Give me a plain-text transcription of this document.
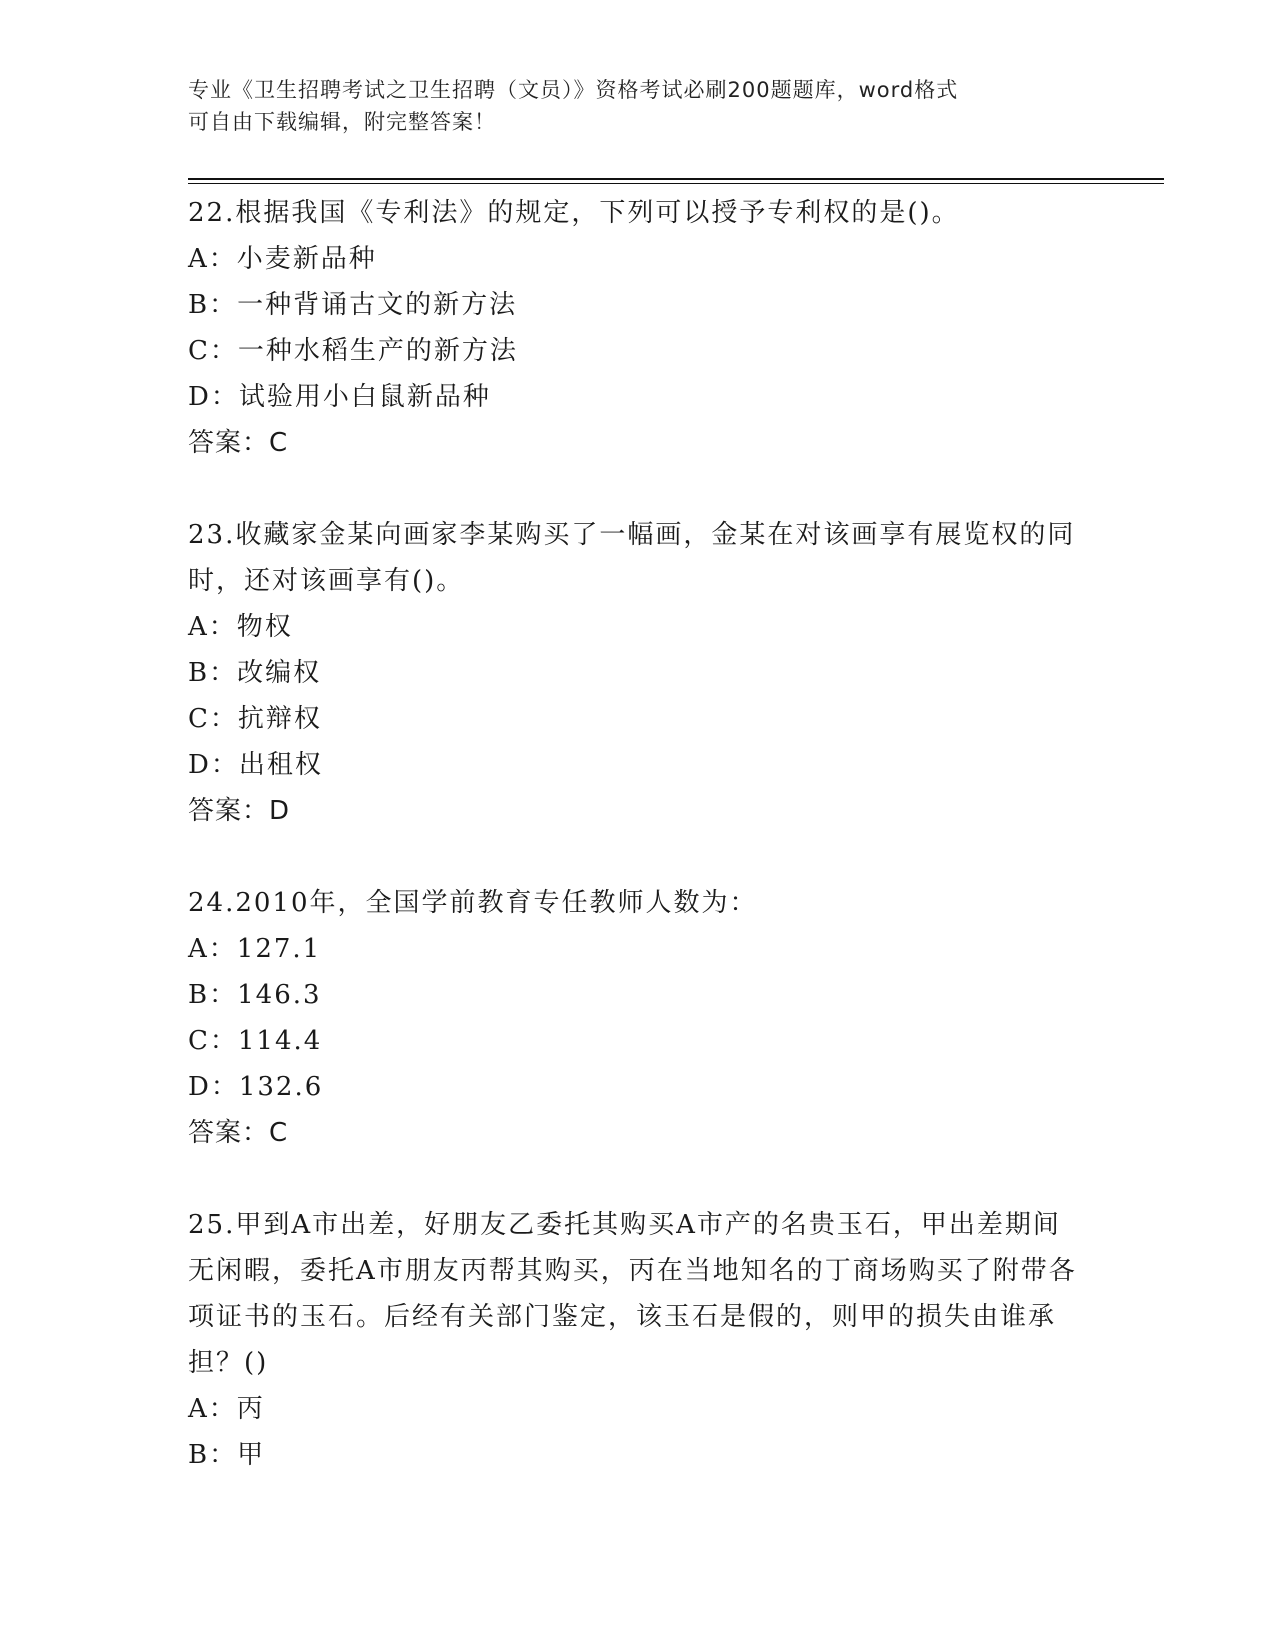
专业《卫生招聘考试之卫生招聘（文员）》资格考试必刷200题题库，word格式
可自由下载编辑，附完整答案！
22.根据我国《专利法》的规定，下列可以授予专利权的是()。
A：小麦新品种
B：一种背诵古文的新方法
C：一种水稻生产的新方法
D：试验用小白鼠新品种
答案：C
23.收藏家金某向画家李某购买了一幅画，金某在对该画享有展览权的同时，还对该画享有()。
A：物权
B：改编权
C：抗辩权
D：出租权
答案：D
24.2010年，全国学前教育专任教师人数为：
A：127.1
B：146.3
C：114.4
D：132.6
答案：C
25.甲到A市出差，好朋友乙委托其购买A市产的名贵玉石，甲出差期间无闲暇，委托A市朋友丙帮其购买，丙在当地知名的丁商场购买了附带各项证书的玉石。后经有关部门鉴定，该玉石是假的，则甲的损失由谁承担？()
A：丙
B：甲
